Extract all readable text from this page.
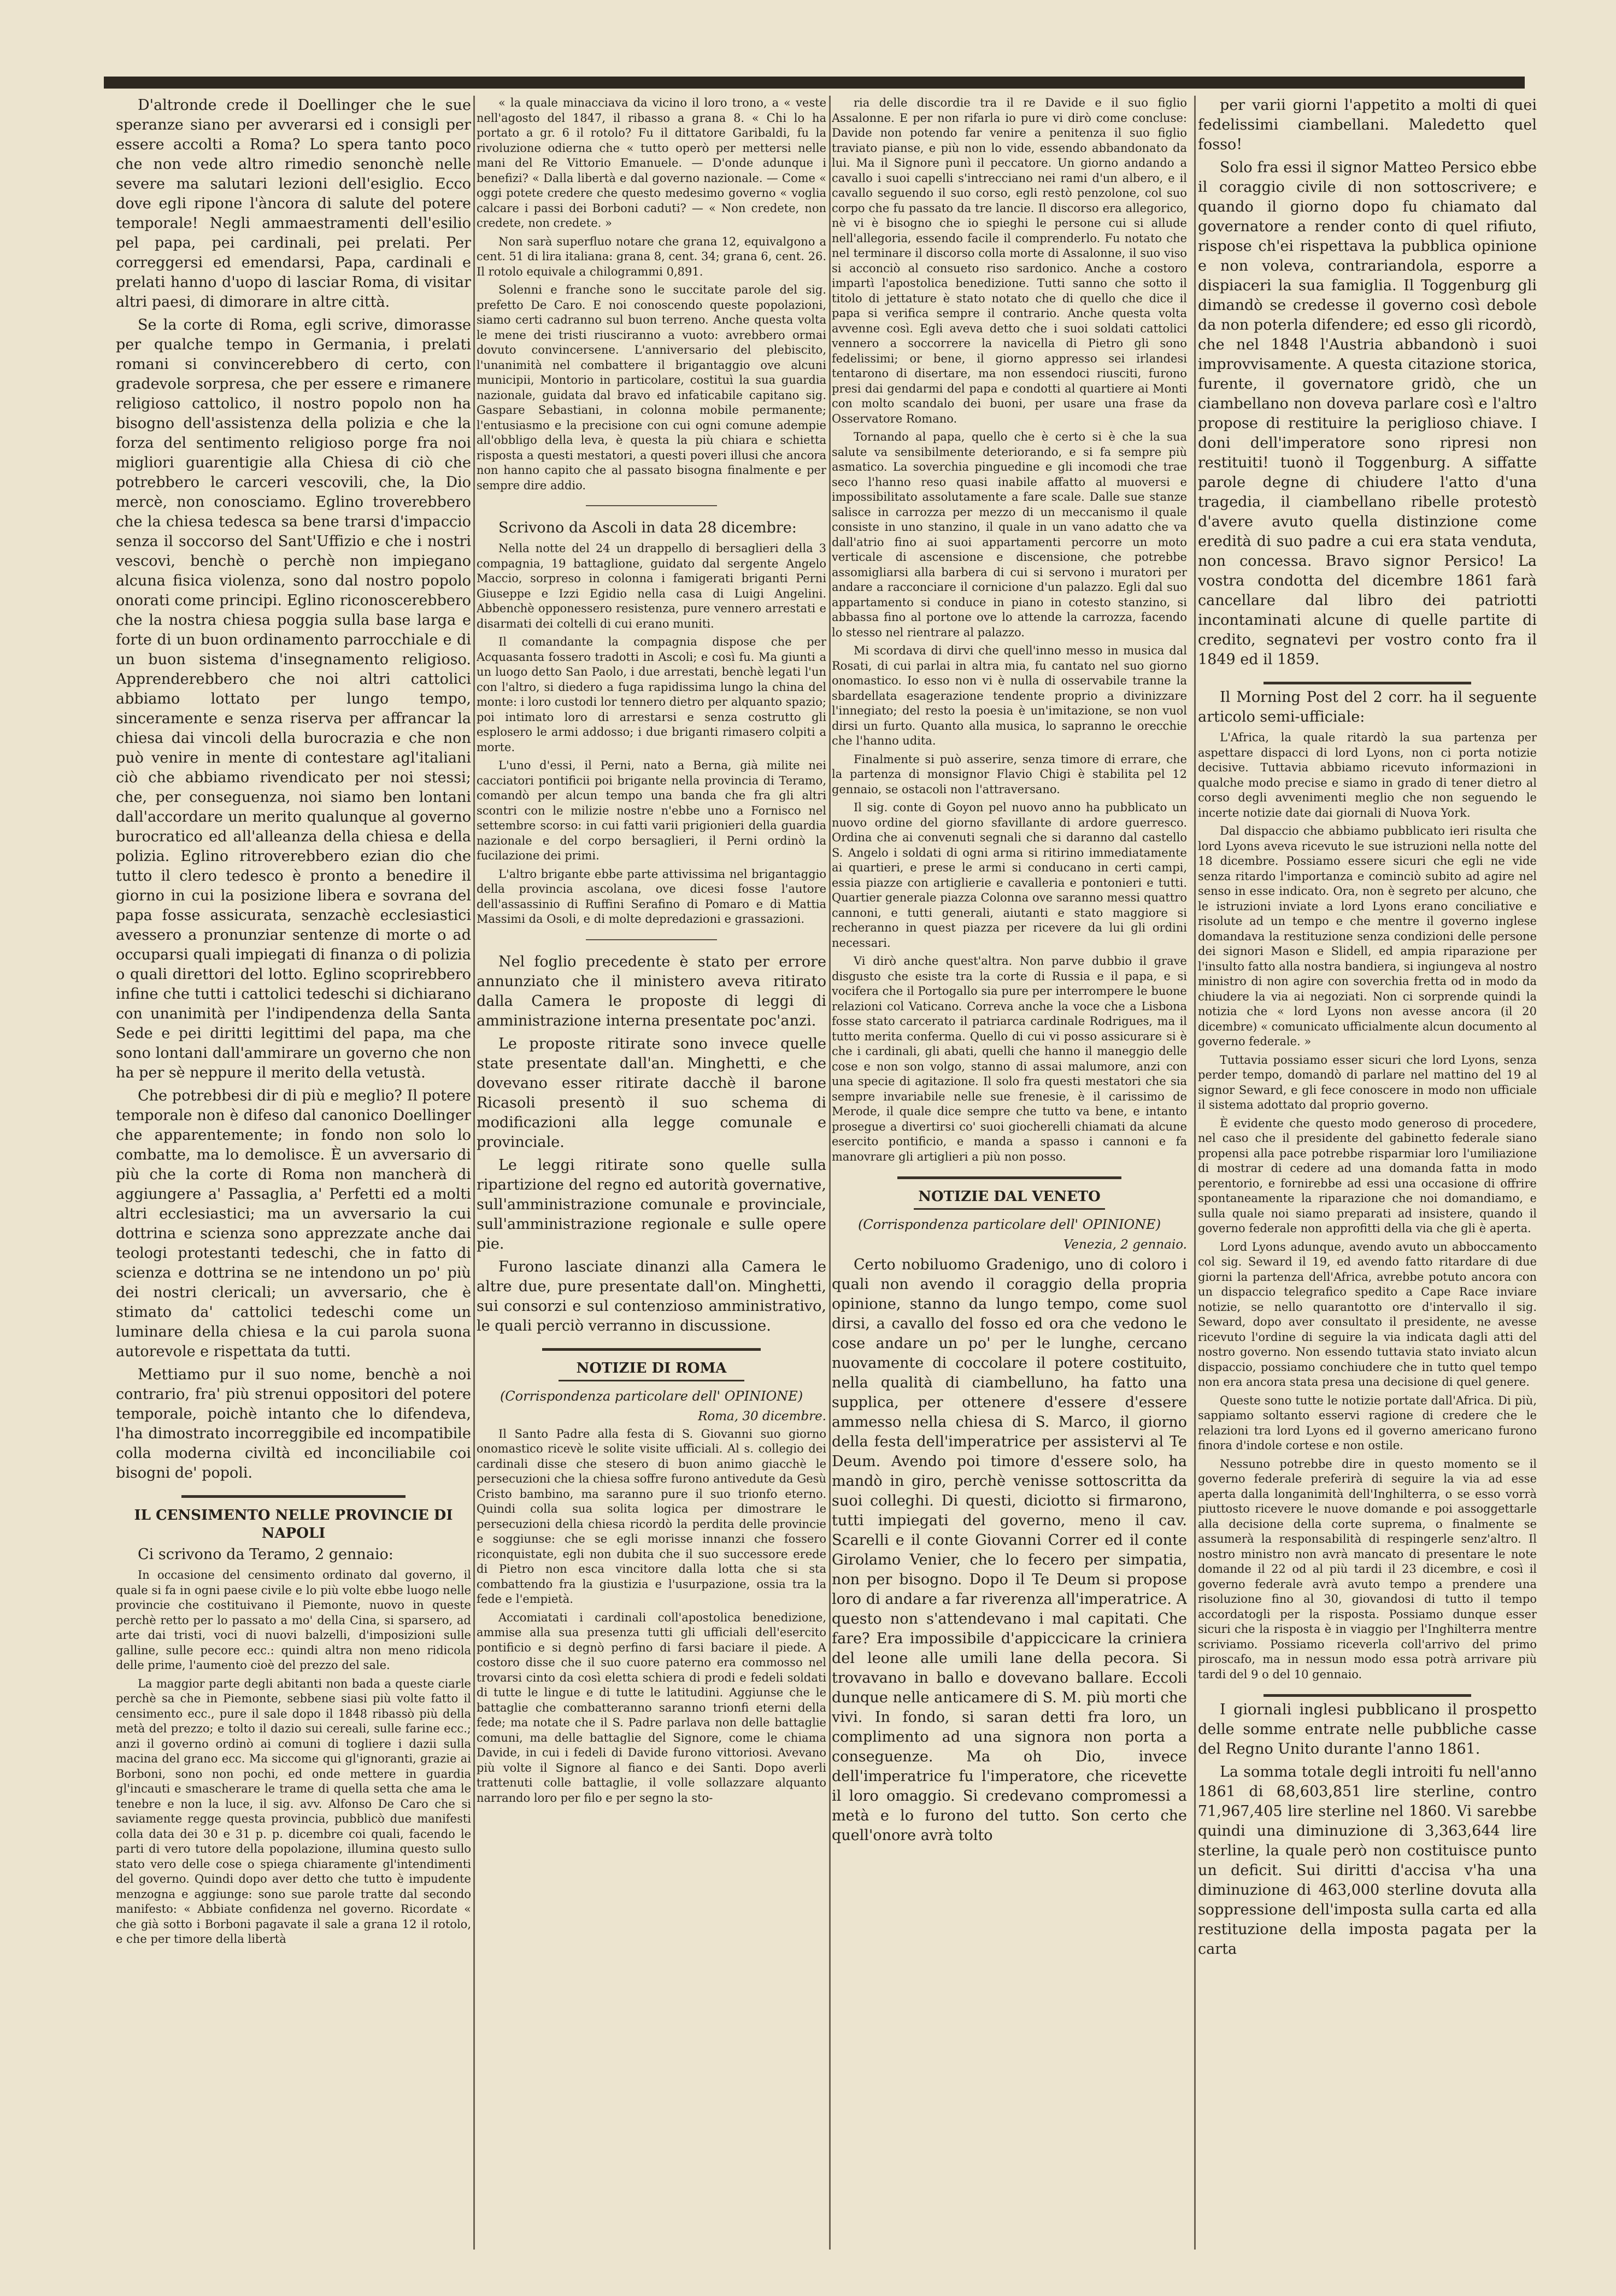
D'altronde crede il Doellinger che le sue speranze siano per avverarsi ed i consigli per essere accolti a Roma? Lo spera tanto poco che non vede altro rimedio senonchè nelle severe ma salutari lezioni dell'esiglio. Ecco dove egli ripone l'àncora di salute del potere temporale! Negli ammaestramenti dell'esilio pel papa, pei cardinali, pei prelati. Per correggersi ed emendarsi, Papa, cardinali e prelati hanno d'uopo di lasciar Roma, di visitar altri paesi, di dimorare in altre città.

Se la corte di Roma, egli scrive, dimorasse per qualche tempo in Germania, i prelati romani si convincerebbero di certo, con gradevole sorpresa, che per essere e rimanere religioso cattolico, il nostro popolo non ha bisogno dell'assistenza della polizia e che la forza del sentimento religioso porge fra noi migliori guarentigie alla Chiesa di ciò che potrebbero le carceri vescovili, che, la Dio mercè, non conosciamo. Eglino troverebbero che la chiesa tedesca sa bene trarsi d'impaccio senza il soccorso del Sant'Uffizio e che i nostri vescovi, benchè o perchè non impiegano alcuna fisica violenza, sono dal nostro popolo onorati come principi. Eglino riconoscerebbero che la nostra chiesa poggia sulla base larga e forte di un buon ordinamento parrocchiale e di un buon sistema d'insegnamento religioso. Apprenderebbero che noi altri cattolici abbiamo lottato per lungo tempo, sinceramente e senza riserva per affrancar la chiesa dai vincoli della burocrazia e che non può venire in mente di contestare agl'italiani ciò che abbiamo rivendicato per noi stessi; che, per conseguenza, noi siamo ben lontani dall'accordare un merito qualunque al governo burocratico ed all'alleanza della chiesa e della polizia. Eglino ritroverebbero ezian dio che tutto il clero tedesco è pronto a benedire il giorno in cui la posizione libera e sovrana del papa fosse assicurata, senzachè ecclesiastici avessero a pronunziar sentenze di morte o ad occuparsi quali impiegati di finanza o di polizia o quali direttori del lotto. Eglino scoprirebbero infine che tutti i cattolici tedeschi si dichiarano con unanimità per l'indipendenza della Santa Sede e pei diritti legittimi del papa, ma che sono lontani dall'ammirare un governo che non ha per sè neppure il merito della vetustà.

Che potrebbesi dir di più e meglio? Il potere temporale non è difeso dal canonico Doellinger che apparentemente; in fondo non solo lo combatte, ma lo demolisce. È un avversario di più che la corte di Roma non mancherà di aggiungere a' Passaglia, a' Perfetti ed a molti altri ecclesiastici; ma un avversario la cui dottrina e scienza sono apprezzate anche dai teologi protestanti tedeschi, che in fatto di scienza e dottrina se ne intendono un po' più dei nostri clericali; un avversario, che è stimato da' cattolici tedeschi come un luminare della chiesa e la cui parola suona autorevole e rispettata da tutti.

Mettiamo pur il suo nome, benchè a noi contrario, fra' più strenui oppositori del potere temporale, poichè intanto che lo difendeva, l'ha dimostrato incorreggibile ed incompatibile colla moderna civiltà ed inconciliabile coi bisogni de' popoli.

IL CENSIMENTO NELLE PROVINCIE DI NAPOLI

Ci scrivono da Teramo, 2 gennaio:

In occasione del censimento ordinato dal governo, il quale si fa in ogni paese civile e lo più volte ebbe luogo nelle provincie che costituivano il Piemonte, nuovo in queste perchè retto per lo passato a mo' della Cina, si sparsero, ad arte dai tristi, voci di nuovi balzelli, d'imposizioni sulle galline, sulle pecore ecc.: quindi altra non meno ridicola delle prime, l'aumento cioè del prezzo del sale.

La maggior parte degli abitanti non bada a queste ciarle perchè sa che in Piemonte, sebbene siasi più volte fatto il censimento ecc., pure il sale dopo il 1848 ribassò più della metà del prezzo; e tolto il dazio sui cereali, sulle farine ecc.; anzi il governo ordinò ai comuni di togliere i dazii sulla macina del grano ecc. Ma siccome qui gl'ignoranti, grazie ai Borboni, sono non pochi, ed onde mettere in guardia gl'incauti e smascherare le trame di quella setta che ama le tenebre e non la luce, il sig. avv. Alfonso De Caro che si saviamente regge questa provincia, pubblicò due manifesti colla data dei 30 e 31 p. p. dicembre coi quali, facendo le parti di vero tutore della popolazione, illumina questo sullo stato vero delle cose o spiega chiaramente gl'intendimenti del governo. Quindi dopo aver detto che tutto è impudente menzogna e aggiunge: sono sue parole tratte dal secondo manifesto: « Abbiate confidenza nel governo. Ricordate « che già sotto i Borboni pagavate il sale a grana 12 il rotolo, e che per timore della libertà

« la quale minacciava da vicino il loro trono, a « veste nell'agosto del 1847, il ribasso a grana 8. « Chi lo ha portato a gr. 6 il rotolo? Fu il dittatore Garibaldi, fu la rivoluzione odierna che « tutto operò per mettersi nelle mani del Re Vittorio Emanuele. — D'onde adunque i benefizi? « Dalla libertà e dal governo nazionale. — Come « oggi potete credere che questo medesimo governo « voglia calcare i passi dei Borboni caduti? — « Non credete, non credete, non credete. »

Non sarà superfluo notare che grana 12, equivalgono a cent. 51 di lira italiana: grana 8, cent. 34; grana 6, cent. 26. Il rotolo equivale a chilogrammi 0,891.

Solenni e franche sono le succitate parole del sig. prefetto De Caro. E noi conoscendo queste popolazioni, siamo certi cadranno sul buon terreno. Anche questa volta le mene dei tristi riusciranno a vuoto: avrebbero ormai dovuto convincersene. L'anniversario del plebiscito, l'unanimità nel combattere il brigantaggio ove alcuni municipii, Montorio in particolare, costituì la sua guardia nazionale, guidata dal bravo ed infaticabile capitano sig. Gaspare Sebastiani, in colonna mobile permanente; l'entusiasmo e la precisione con cui ogni comune adempie all'obbligo della leva, è questa la più chiara e schietta risposta a questi mestatori, a questi poveri illusi che ancora non hanno capito che al passato bisogna finalmente e per sempre dire addio.

Scrivono da Ascoli in data 28 dicembre:

Nella notte del 24 un drappello di bersaglieri della 3 compagnia, 19 battaglione, guidato dal sergente Angelo Maccio, sorpreso in colonna i famigerati briganti Perni Giuseppe e Izzi Egidio nella casa di Luigi Angelini. Abbenchè opponessero resistenza, pure vennero arrestati e disarmati dei coltelli di cui erano muniti.

Il comandante la compagnia dispose che per Acquasanta fossero tradotti in Ascoli; e così fu. Ma giunti a un luogo detto San Paolo, i due arrestati, benchè legati l'un con l'altro, si diedero a fuga rapidissima lungo la china del monte: i loro custodi lor tennero dietro per alquanto spazio; poi intimato loro di arrestarsi e senza costrutto gli esplosero le armi addosso; i due briganti rimasero colpiti a morte.

L'uno d'essi, il Perni, nato a Berna, già milite nei cacciatori pontificii poi brigante nella provincia di Teramo, comandò per alcun tempo una banda che fra gli altri scontri con le milizie nostre n'ebbe uno a Fornisco nel settembre scorso: in cui fatti varii prigionieri della guardia nazionale e del corpo bersaglieri, il Perni ordinò la fucilazione dei primi.

L'altro brigante ebbe parte attivissima nel brigantaggio della provincia ascolana, ove dicesi fosse l'autore dell'assassinio di Ruffini Serafino di Pomaro e di Mattia Massimi da Osoli, e di molte depredazioni e grassazioni.

Nel foglio precedente è stato per errore annunziato che il ministero aveva ritirato dalla Camera le proposte di leggi di amministrazione interna presentate poc'anzi.

Le proposte ritirate sono invece quelle state presentate dall'an. Minghetti, e che dovevano esser ritirate dacchè il barone Ricasoli presentò il suo schema di modificazioni alla legge comunale e provinciale.

Le leggi ritirate sono quelle sulla ripartizione del regno ed autorità governative, sull'amministrazione comunale e provinciale, sull'amministrazione regionale e sulle opere pie.

Furono lasciate dinanzi alla Camera le altre due, pure presentate dall'on. Minghetti, sui consorzi e sul contenzioso amministrativo, le quali perciò verranno in discussione.

NOTIZIE DI ROMA
(Corrispondenza particolare dell' OPINIONE)
Roma, 30 dicembre.

Il Santo Padre alla festa di S. Giovanni suo giorno onomastico ricevè le solite visite ufficiali. Al s. collegio dei cardinali disse che stesero di buon animo giacchè le persecuzioni che la chiesa soffre furono antivedute da Gesù Cristo bambino, ma saranno pure il suo trionfo eterno. Quindi colla sua solita logica per dimostrare le persecuzioni della chiesa ricordò la perdita delle provincie e soggiunse: che se egli morisse innanzi che fossero riconquistate, egli non dubita che il suo successore erede di Pietro non esca vincitore dalla lotta che si sta combattendo fra la giustizia e l'usurpazione, ossia tra la fede e l'empietà.

Accomiatati i cardinali coll'apostolica benedizione, ammise alla sua presenza tutti gli ufficiali dell'esercito pontificio e si degnò perfino di farsi baciare il piede. A costoro disse che il suo cuore paterno era commosso nel trovarsi cinto da così eletta schiera di prodi e fedeli soldati di tutte le lingue e di tutte le latitudini. Aggiunse che le battaglie che combatteranno saranno trionfi eterni della fede; ma notate che il S. Padre parlava non delle battaglie comuni, ma delle battaglie del Signore, come le chiama Davide, in cui i fedeli di Davide furono vittoriosi. Avevano più volte il Signore al fianco e dei Santi. Dopo averli trattenuti colle battaglie, il volle sollazzare alquanto narrando loro per filo e per segno la sto-

ria delle discordie tra il re Davide e il suo figlio Assalonne. E per non rifarla io pure vi dirò come concluse: Davide non potendo far venire a penitenza il suo figlio traviato pianse, e più non lo vide, essendo abbandonato da lui. Ma il Signore punì il peccatore. Un giorno andando a cavallo i suoi capelli s'intrecciano nei rami d'un albero, e il cavallo seguendo il suo corso, egli restò penzolone, col suo corpo che fu passato da tre lancie. Il discorso era allegorico, nè vi è bisogno che io spieghi le persone cui si allude nell'allegoria, essendo facile il comprenderlo. Fu notato che nel terminare il discorso colla morte di Assalonne, il suo viso si acconciò al consueto riso sardonico. Anche a costoro impartì l'apostolica benedizione. Tutti sanno che sotto il titolo di jettature è stato notato che di quello che dice il papa si verifica sempre il contrario. Anche questa volta avvenne così. Egli aveva detto che i suoi soldati cattolici vennero a soccorrere la navicella di Pietro gli sono fedelissimi; or bene, il giorno appresso sei irlandesi tentarono di disertare, ma non essendoci riusciti, furono presi dai gendarmi del papa e condotti al quartiere ai Monti con molto scandalo dei buoni, per usare una frase da Osservatore Romano.

Tornando al papa, quello che è certo si è che la sua salute va sensibilmente deteriorando, e si fa sempre più asmatico. La soverchia pinguedine e gli incomodi che trae seco l'hanno reso quasi inabile affatto al muoversi e impossibilitato assolutamente a fare scale. Dalle sue stanze salisce in carrozza per mezzo di un meccanismo il quale consiste in uno stanzino, il quale in un vano adatto che va dall'atrio fino ai suoi appartamenti percorre un moto verticale di ascensione e discensione, che potrebbe assomigliarsi alla barbera di cui si servono i muratori per andare a racconciare il cornicione d'un palazzo. Egli dal suo appartamento si conduce in piano in cotesto stanzino, si abbassa fino al portone ove lo attende la carrozza, facendo lo stesso nel rientrare al palazzo.

Mi scordava di dirvi che quell'inno messo in musica dal Rosati, di cui parlai in altra mia, fu cantato nel suo giorno onomastico. Io esso non vi è nulla di osservabile tranne la sbardellata esagerazione tendente proprio a divinizzare l'innegiato; del resto la poesia è un'imitazione, se non vuol dirsi un furto. Quanto alla musica, lo sapranno le orecchie che l'hanno udita.

Finalmente si può asserire, senza timore di errare, che la partenza di monsignor Flavio Chigi è stabilita pel 12 gennaio, se ostacoli non l'attraversano.

Il sig. conte di Goyon pel nuovo anno ha pubblicato un nuovo ordine del giorno sfavillante di ardore guerresco. Ordina che ai convenuti segnali che si daranno dal castello S. Angelo i soldati di ogni arma si ritirino immediatamente ai quartieri, e prese le armi si conducano in certi campi, essia piazze con artiglierie e cavalleria e pontonieri e tutti. Quartier generale piazza Colonna ove saranno messi quattro cannoni, e tutti generali, aiutanti e stato maggiore si recheranno in quest piazza per ricevere da lui gli ordini necessari.

Vi dirò anche quest'altra. Non parve dubbio il grave disgusto che esiste tra la corte di Russia e il papa, e si vocifera che il Portogallo sia pure per interrompere le buone relazioni col Vaticano. Correva anche la voce che a Lisbona fosse stato carcerato il patriarca cardinale Rodrigues, ma il tutto merita conferma. Quello di cui vi posso assicurare si è che i cardinali, gli abati, quelli che hanno il maneggio delle cose e non son volgo, stanno di assai malumore, anzi con una specie di agitazione. Il solo fra questi mestatori che sia sempre invariabile nelle sue frenesie, è il carissimo de Merode, il quale dice sempre che tutto va bene, e intanto prosegue a divertirsi co' suoi giocherelli chiamati da alcune esercito pontificio, e manda a spasso i cannoni e fa manovrare gli artiglieri a più non posso.

NOTIZIE DAL VENETO
(Corrispondenza particolare dell' OPINIONE)
Venezia, 2 gennaio.

Certo nobiluomo Gradenigo, uno di coloro i quali non avendo il coraggio della propria opinione, stanno da lungo tempo, come suol dirsi, a cavallo del fosso ed ora che vedono le cose andare un po' per le lunghe, cercano nuovamente di coccolare il potere costituito, nella qualità di ciambelluno, ha fatto una supplica, per ottenere d'essere d'essere ammesso nella chiesa di S. Marco, il giorno della festa dell'imperatrice per assistervi al Te Deum. Avendo poi timore d'essere solo, ha mandò in giro, perchè venisse sottoscritta da suoi colleghi. Di questi, diciotto si firmarono, tutti impiegati del governo, meno il cav. Scarelli e il conte Giovanni Correr ed il conte Girolamo Venier, che lo fecero per simpatia, non per bisogno. Dopo il Te Deum si propose loro di andare a far riverenza all'imperatrice. A questo non s'attendevano i mal capitati. Che fare? Era impossibile d'appiccicare la criniera del leone alle umili lane della pecora. Si trovavano in ballo e dovevano ballare. Eccoli dunque nelle anticamere di S. M. più morti che vivi. In fondo, si saran detti fra loro, un complimento ad una signora non porta a conseguenze. Ma oh Dio, invece dell'imperatrice fu l'imperatore, che ricevette il loro omaggio. Si credevano compromessi a metà e lo furono del tutto. Son certo che quell'onore avrà tolto

per varii giorni l'appetito a molti di quei fedelissimi ciambellani. Maledetto quel fosso!

Solo fra essi il signor Matteo Persico ebbe il coraggio civile di non sottoscrivere; e quando il giorno dopo fu chiamato dal governatore a render conto di quel rifiuto, rispose ch'ei rispettava la pubblica opinione e non voleva, contrariandola, esporre a dispiaceri la sua famiglia. Il Toggenburg gli dimandò se credesse il governo così debole da non poterla difendere; ed esso gli ricordò, che nel 1848 l'Austria abbandonò i suoi improvvisamente. A questa citazione storica, furente, il governatore gridò, che un ciambellano non doveva parlare così e l'altro propose di restituire la periglioso chiave. I doni dell'imperatore sono ripresi non restituiti! tuonò il Toggenburg. A siffatte parole degne di chiudere l'atto d'una tragedia, il ciambellano ribelle protestò d'avere avuto quella distinzione come eredità di suo padre a cui era stata venduta, non concessa. Bravo signor Persico! La vostra condotta del dicembre 1861 farà cancellare dal libro dei patriotti incontaminati alcune di quelle partite di credito, segnatevi per vostro conto fra il 1849 ed il 1859.

Il Morning Post del 2 corr. ha il seguente articolo semi-ufficiale:

L'Africa, la quale ritardò la sua partenza per aspettare dispacci di lord Lyons, non ci porta notizie decisive. Tuttavia abbiamo ricevuto informazioni in qualche modo precise e siamo in grado di tener dietro al corso degli avvenimenti meglio che non seguendo le incerte notizie date dai giornali di Nuova York.

Dal dispaccio che abbiamo pubblicato ieri risulta che lord Lyons aveva ricevuto le sue istruzioni nella notte del 18 dicembre. Possiamo essere sicuri che egli ne vide senza ritardo l'importanza e cominciò subito ad agire nel senso in esse indicato. Ora, non è segreto per alcuno, che le istruzioni inviate a lord Lyons erano conciliative e risolute ad un tempo e che mentre il governo inglese domandava la restituzione senza condizioni delle persone dei signori Mason e Slidell, ed ampia riparazione per l'insulto fatto alla nostra bandiera, si ingiungeva al nostro ministro di non agire con soverchia fretta od in modo da chiudere la via ai negoziati. Non ci sorprende quindi la notizia che « lord Lyons non avesse ancora (il 20 dicembre) « comunicato ufficialmente alcun documento al governo federale. »

Tuttavia possiamo esser sicuri che lord Lyons, senza perder tempo, domandò di parlare nel mattino del 19 al signor Seward, e gli fece conoscere in modo non ufficiale il sistema adottato dal proprio governo.

È evidente che questo modo generoso di procedere, nel caso che il presidente del gabinetto federale siano propensi alla pace potrebbe risparmiar loro l'umiliazione di mostrar di cedere ad una domanda fatta in modo perentorio, e fornirebbe ad essi una occasione di offrire spontaneamente la riparazione che noi domandiamo, e sulla quale noi siamo preparati ad insistere, quando il governo federale non approfitti della via che gli è aperta.

Lord Lyons adunque, avendo avuto un abboccamento col sig. Seward il 19, ed avendo fatto ritardare di due giorni la partenza dell'Africa, avrebbe potuto ancora con un dispaccio telegrafico spedito a Cape Race inviare notizie, se nello quarantotto ore d'intervallo il sig. Seward, dopo aver consultato il presidente, ne avesse ricevuto l'ordine di seguire la via indicata dagli atti del nostro governo. Non essendo tuttavia stato inviato alcun dispaccio, possiamo conchiudere che in tutto quel tempo non era ancora stata presa una decisione di quel genere.

Queste sono tutte le notizie portate dall'Africa. Di più, sappiamo soltanto esservi ragione di credere che le relazioni tra lord Lyons ed il governo americano furono finora d'indole cortese e non ostile.

Nessuno potrebbe dire in questo momento se il governo federale preferirà di seguire la via ad esse aperta dalla longanimità dell'Inghilterra, o se esso vorrà piuttosto ricevere le nuove domande e poi assoggettarle alla decisione della corte suprema, o finalmente se assumerà la responsabilità di respingerle senz'altro. Il nostro ministro non avrà mancato di presentare le note domande il 22 od al più tardi il 23 dicembre, e così il governo federale avrà avuto tempo a prendere una risoluzione fino al 30, giovandosi di tutto il tempo accordatogli per la risposta. Possiamo dunque esser sicuri che la risposta è in viaggio per l'Inghilterra mentre scriviamo. Possiamo riceverla coll'arrivo del primo piroscafo, ma in nessun modo essa potrà arrivare più tardi del 9 o del 10 gennaio.

I giornali inglesi pubblicano il prospetto delle somme entrate nelle pubbliche casse del Regno Unito durante l'anno 1861.

La somma totale degli introiti fu nell'anno 1861 di 68,603,851 lire sterline, contro 71,967,405 lire sterline nel 1860. Vi sarebbe quindi una diminuzione di 3,363,644 lire sterline, la quale però non costituisce punto un deficit. Sui diritti d'accisa v'ha una diminuzione di 463,000 sterline dovuta alla soppressione dell'imposta sulla carta ed alla restituzione della imposta pagata per la carta
